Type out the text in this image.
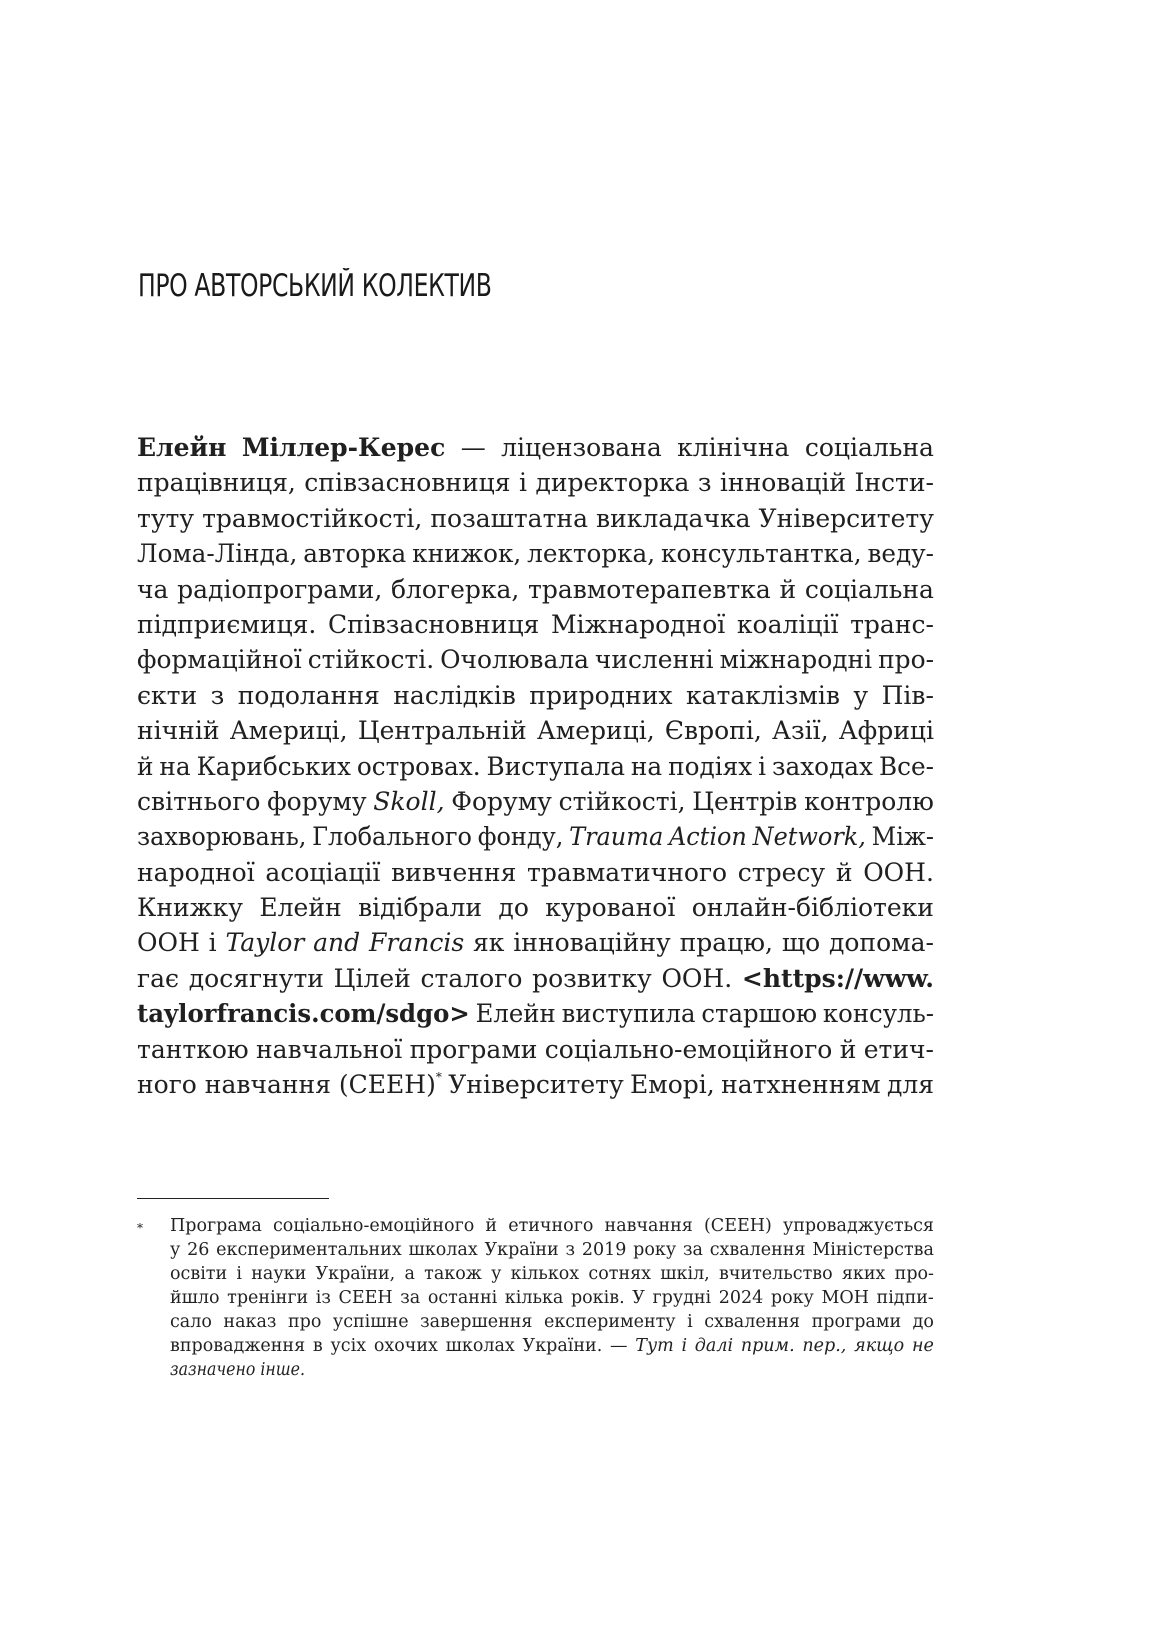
ПРО АВТОРСЬКИЙ КОЛЕКТИВ
Елейн Міллер-Керес — ліцензована клінічна соціальна
працівниця, співзасновниця і директорка з інновацій Інсти-
туту травмостійкості, позаштатна викладачка Університету
Лома-Лінда, авторка книжок, лекторка, консультантка, веду-
ча радіопрограми, блогерка, травмотерапевтка й соціальна
підприємиця. Співзасновниця Міжнародної коаліції транс-
формаційної стійкості. Очолювала численні міжнародні про-
єкти з подолання наслідків природних катаклізмів у Пів-
нічній Америці, Центральній Америці, Європі, Азії, Африці
й на Карибських островах. Виступала на подіях і заходах Все-
світнього форуму Skoll, Форуму стійкості, Центрів контролю
захворювань, Глобального фонду, Trauma Action Network, Між-
народної асоціації вивчення травматичного стресу й ООН.
Книжку Елейн відібрали до курованої онлайн-бібліотеки
ООН і Taylor and Francis як інноваційну працю, що допома-
гає досягнути Цілей сталого розвитку ООН. <https://www.
taylorfrancis.com/sdgo> Елейн виступила старшою консуль-
танткою навчальної програми соціально-емоційного й етич-
ного навчання (СЕЕН)* Університету Еморі, натхненням для
* Програма соціально-емоційного й етичного навчання (СЕЕН) упроваджується
у 26 експериментальних школах України з 2019 року за схвалення Міністерства
освіти і науки України, а також у кількох сотнях шкіл, вчительство яких про-
йшло тренінги із СЕЕН за останні кілька років. У грудні 2024 року МОН підпи-
сало наказ про успішне завершення експерименту і схвалення програми до
впровадження в усіх охочих школах України. — Тут і далі прим. пер., якщо не
зазначено інше.
